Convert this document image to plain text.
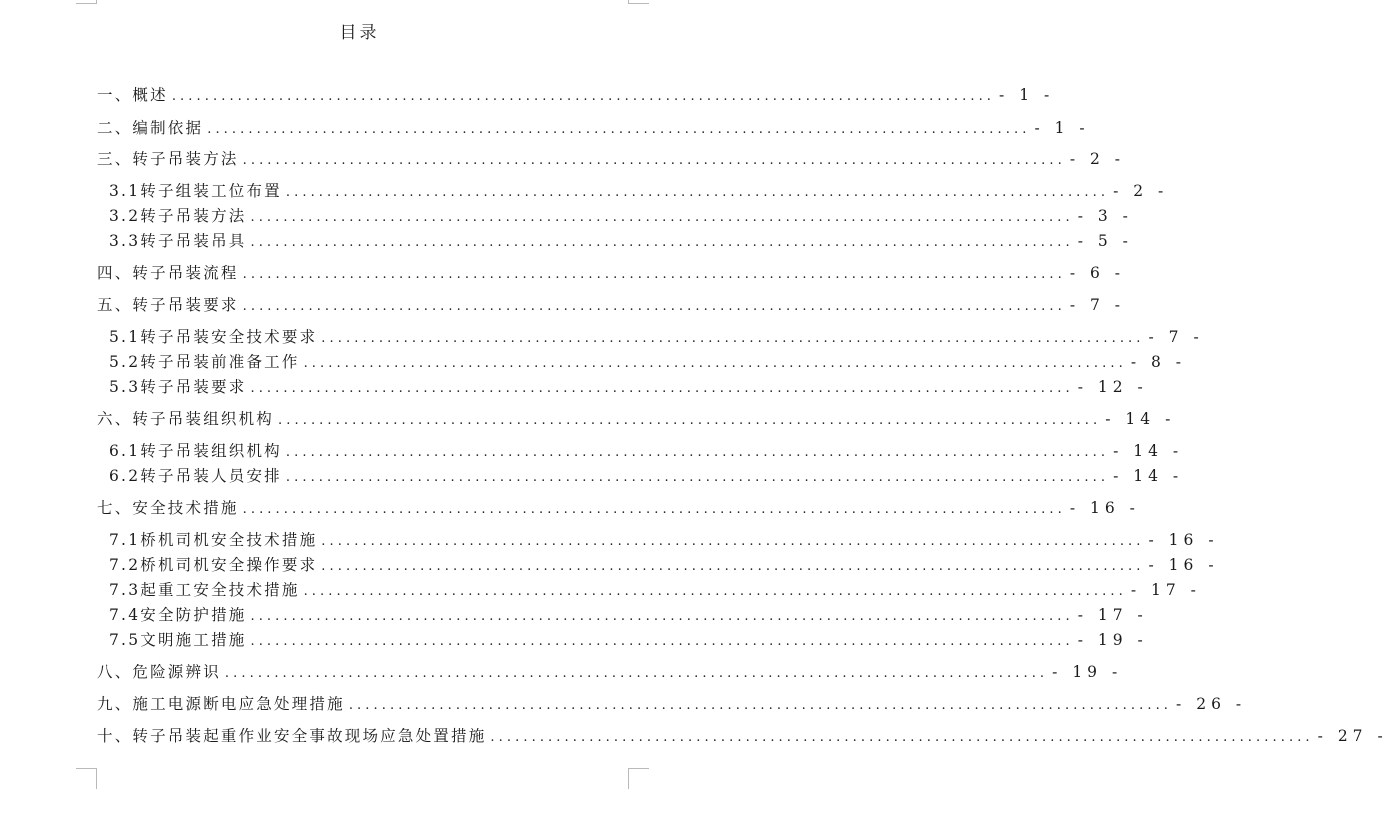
目录
一、 概述 .................................................................................................... - 1 -
二、 编制依据 .................................................................................................... - 1 -
三、 转子吊装方法 .................................................................................................... - 2 -
3.1 转子组装工位布置 .................................................................................................... - 2 -
3.2 转子吊装方法 .................................................................................................... - 3 -
3.3 转子吊装吊具 .................................................................................................... - 5 -
四、 转子吊装流程 .................................................................................................... - 6 -
五、 转子吊装要求 .................................................................................................... - 7 -
5.1 转子吊装安全技术要求 .................................................................................................... - 7 -
5.2 转子吊装前准备工作 .................................................................................................... - 8 -
5.3 转子吊装要求 .................................................................................................... - 12 -
六、 转子吊装组织机构 .................................................................................................... - 14 -
6.1 转子吊装组织机构 .................................................................................................... - 14 -
6.2 转子吊装人员安排 .................................................................................................... - 14 -
七、 安全技术措施 .................................................................................................... - 16 -
7.1 桥机司机安全技术措施 .................................................................................................... - 16 -
7.2 桥机司机安全操作要求 .................................................................................................... - 16 -
7.3 起重工安全技术措施 .................................................................................................... - 17 -
7.4 安全防护措施 .................................................................................................... - 17 -
7.5 文明施工措施 .................................................................................................... - 19 -
八、 危险源辨识 .................................................................................................... - 19 -
九、 施工电源断电应急处理措施 .................................................................................................... - 26 -
十、 转子吊装起重作业安全事故现场应急处置措施 .................................................................................................... - 27 -
